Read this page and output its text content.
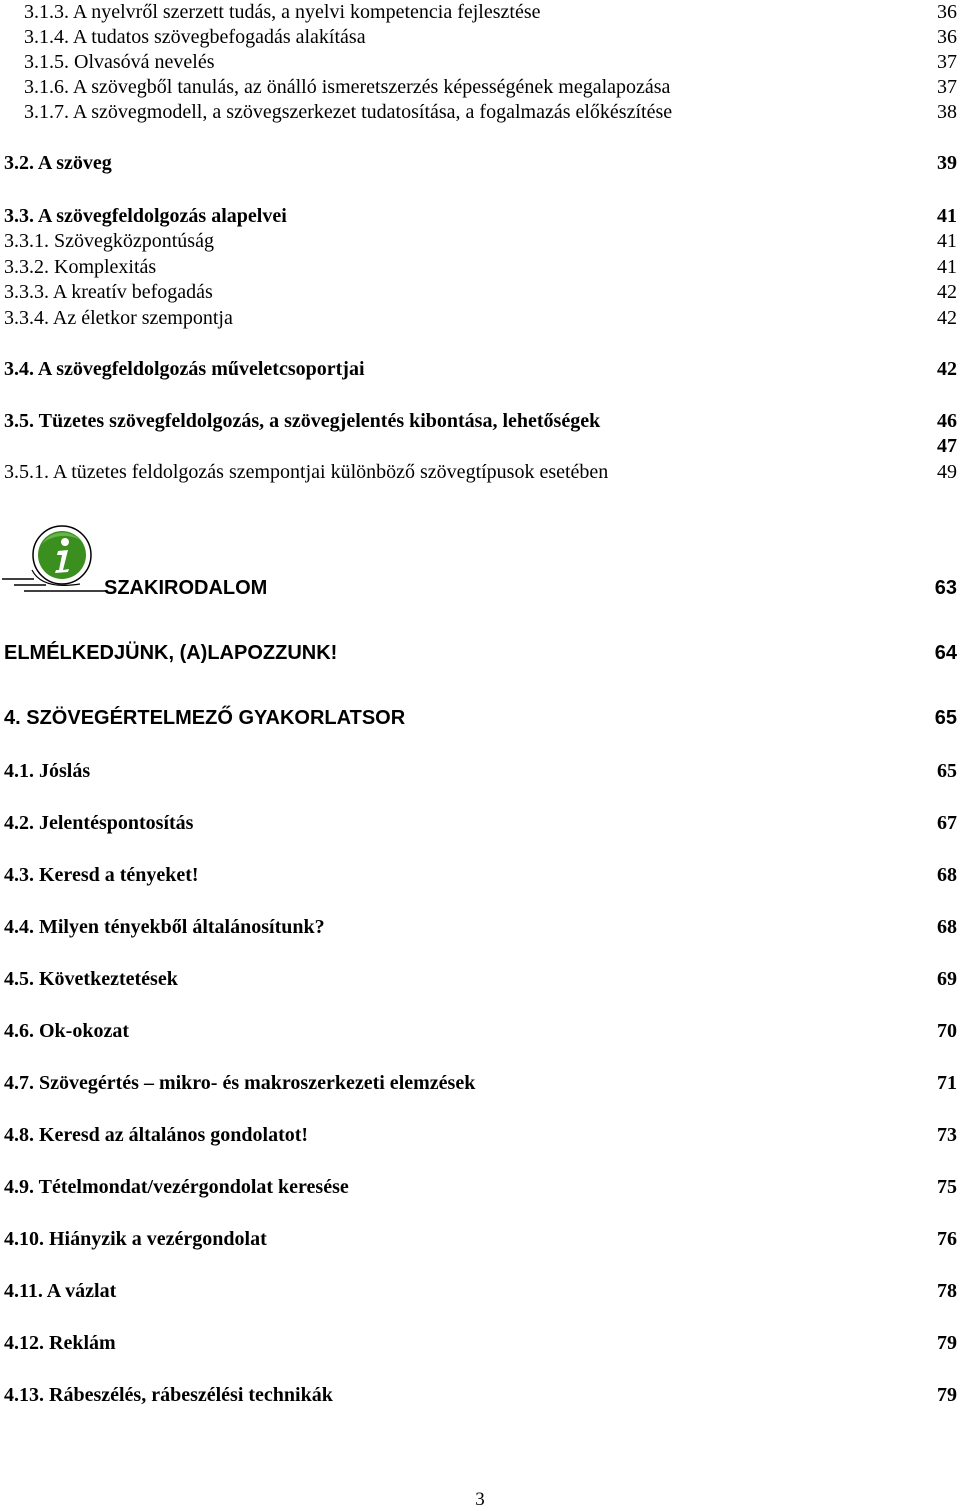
3.1.3. A nyelvről szerzett tudás, a nyelvi kompetencia fejlesztése	36
3.1.4. A tudatos szövegbefogadás alakítása	36
3.1.5. Olvasóvá nevelés	37
3.1.6. A szövegből tanulás, az önálló ismeretszerzés képességének megalapozása	37
3.1.7. A szövegmodell, a szövegszerkezet tudatosítása, a fogalmazás előkészítése	38
3.2. A szöveg	39
3.3. A szövegfeldolgozás alapelvei	41
3.3.1. Szövegközpontúság	41
3.3.2. Komplexitás	41
3.3.3. A kreatív befogadás	42
3.3.4. Az életkor szempontja	42
3.4. A szövegfeldolgozás műveletcsoportjai	42
3.5. Tüzetes szövegfeldolgozás, a szövegjelentés kibontása, lehetőségek	46
47
3.5.1. A tüzetes feldolgozás szempontjai különböző szövegtípusok esetében	49
SZAKIRODALOM	63
ELMÉLKEDJÜNK, (A)LAPOZZUNK!	64
4. SZÖVEGÉRTELMEZŐ GYAKORLATSOR	65
4.1. Jóslás	65
4.2. Jelentéspontosítás	67
4.3. Keresd a tényeket!	68
4.4. Milyen tényekből általánosítunk?	68
4.5. Következtetések	69
4.6. Ok-okozat	70
4.7. Szövegértés – mikro- és makroszerkezeti elemzések	71
4.8. Keresd az általános gondolatot!	73
4.9. Tételmondat/vezérgondolat keresése	75
4.10. Hiányzik a vezérgondolat	76
4.11. A vázlat	78
4.12. Reklám	79
4.13. Rábeszélés, rábeszélési technikák	79
3
